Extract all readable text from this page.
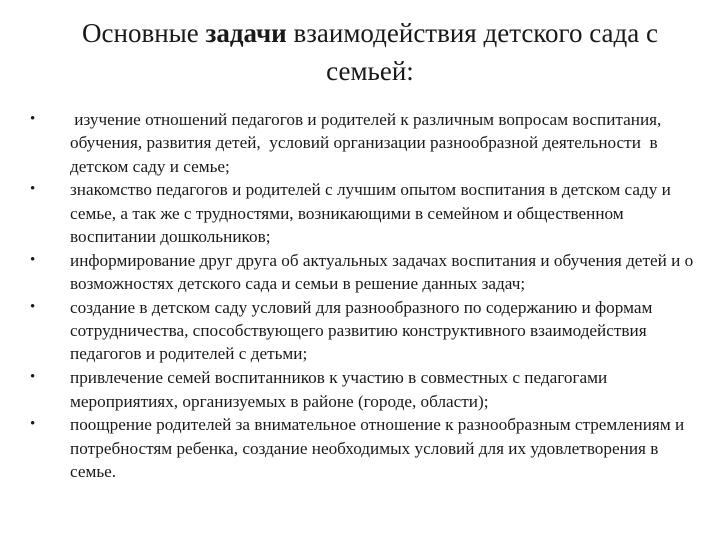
Основные задачи взаимодействия детского сада с семьей:
• изучение отношений педагогов и родителей к различным вопросам воспитания, обучения, развития детей,  условий организации разнообразной деятельности  в детском саду и семье;
• знакомство педагогов и родителей с лучшим опытом воспитания в детском саду и семье, а так же с трудностями, возникающими в семейном и общественном воспитании дошкольников;
• информирование друг друга об актуальных задачах воспитания и обучения детей и о возможностях детского сада и семьи в решение данных задач;
• создание в детском саду условий для разнообразного по содержанию и формам сотрудничества, способствующего развитию конструктивного взаимодействия педагогов и родителей с детьми;
• привлечение семей воспитанников к участию в совместных с педагогами мероприятиях, организуемых в районе (городе, области);
• поощрение родителей за внимательное отношение к разнообразным стремлениям и потребностям ребенка, создание необходимых условий для их удовлетворения в семье.
